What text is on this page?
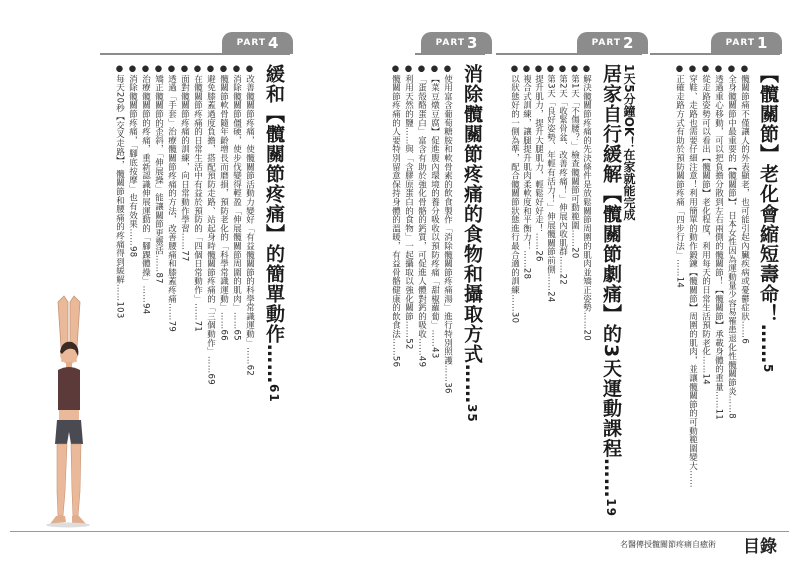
PART 1
PART 2
PART 3
PART 4
【髖關節】老化會縮短壽命！……5
●髖關節痛不僅讓人的外表顯老，也可能引起內臟疾病或憂鬱症狀……6
●全身髖關節中最重要的【髖關節】，日本女性因為運動量少容易罹患退化性髖關節炎……8
●透過重心移動，可以把負擔分散到左右兩側的髖關節！【髖關節】承載身體的重量……11
●從走路姿勢可以看出【髖關節】老化程度，利用每天的日常生活預防老化……14
●穿鞋、走路也需要仔細注意！利用簡單的動作鍛鍊【髖關節】周圍的肌肉，並讓髖關節的可動範圍變大……
●正確走路方式有助於預防關節疼痛「四步行法」……14
1天5分鐘OK！在家就能完成
居家自行緩解【髖關節劇痛】的3天運動課程……19
●解決髖關節疼痛的先決條件是放鬆關節周圍的肌肉並矯正姿勢……20
●第1天「不傷腰？」檢查髖關節可動範圍……20
●第2天「收緊骨盆、改善疼痛！」伸展內收肌群……22
●第3天「良好姿勢、年輕有活力！」伸展髖關節前側……24
●提升肌力，提升大腿肌力，輕鬆好好走！……26
●複合式訓練，讓腿提升肌肉柔軟度和平衡力！……28
●以狀態好的一側為準，配合髖關節狀態進行最合適的訓練……30
消除髖關節疼痛的食物和攝取方式……35
●使用富含葡萄糖胺和軟骨素的飲食製作「消除髖關節疼痛湯」進行特別照護……36
●【菜豆燉豆腐】促進腹內環境的養分吸收以預防疼痛「甜椒蘿蔔」……43
●「蛋殼酪蛋白」富含有助於強化骨骼的鈣質，可促進人體對鈣的吸收……49
●利用天然的鹽……與「含膠原蛋白的食物」一起攝取以強化關節……52
●髖關節疼痛的人要特別留意保持身體的溫暖，有益骨骼健康的飲食法……56
緩和【髖關節疼痛】的簡單動作……61
●改善髖關節疼痛，使髖關節活動力變好「有益髖關節的科學常識運動」……62
●消除髖關節僵硬，使步伐變得輕盈「伸展髖關節周圍的肌肉」……65
●髖關節軟骨隨年齡增長而磨損，預防老化的「科學常識運動」……66
●避免膝蓋過度負擔，搭配預防走路、站起身時髖關節疼痛的「三個動作」……69
●在髖關節疼痛的日常生活中有益於預防的「四個日常動作」……71
●面對髖關節疼痛的訓練，向日常動作學習……77
●透過「手套」治療髖關節疼痛的方法，改善腰痛和膝蓋疼痛……79
●矯正髖關節的歪斜，「伸展操」能讓關節更靈活……87
●治療髖關節的疼痛，重新認識伸展運動的「腳踝體操」……94
●消除髖關節疼痛，「腳底按摩」也有效果……98
●每天20秒【交叉走路】，髖關節和腰痛的疼痛得到緩解……103
名醫傳授髖關節疼痛自癒術 目錄
